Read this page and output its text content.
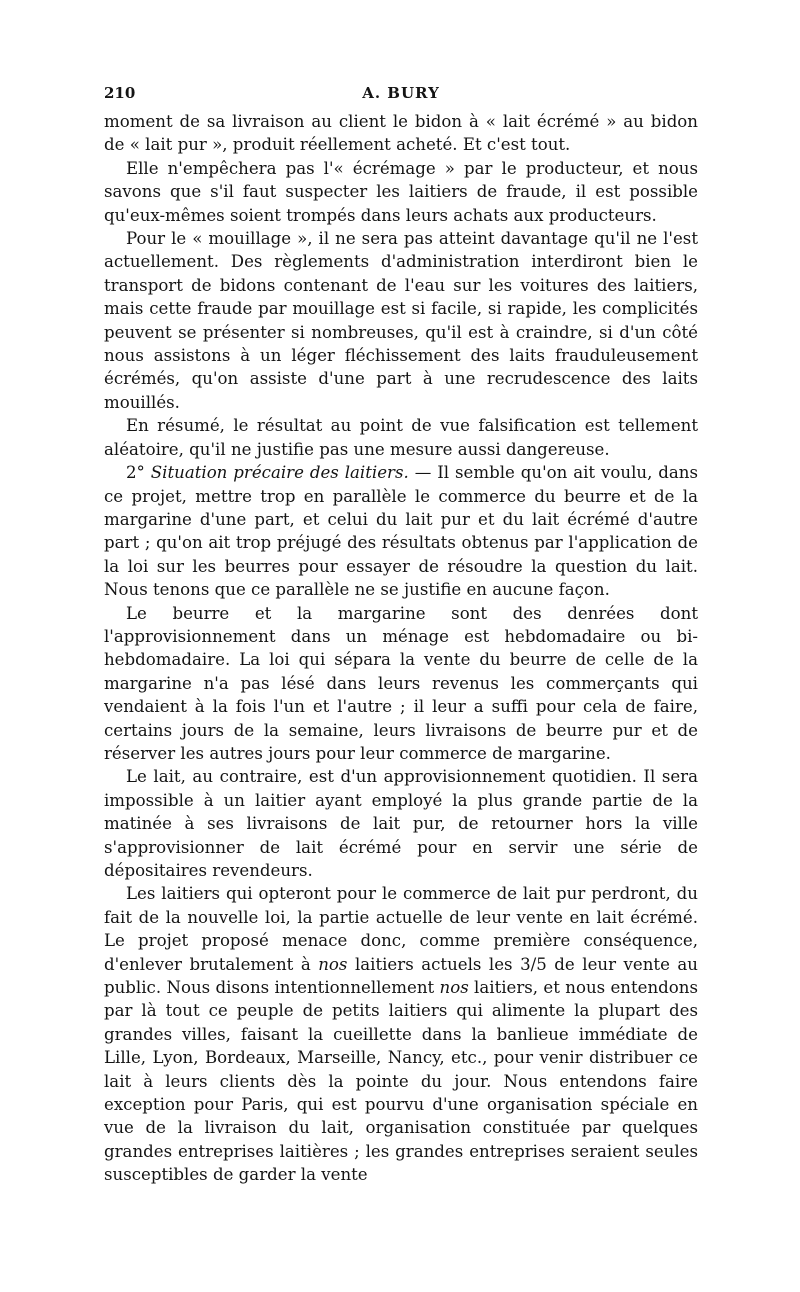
210	A. BURY

moment de sa livraison au client le bidon à « lait écrémé » au bidon de « lait pur », produit réellement acheté. Et c'est tout.

Elle n'empêchera pas l'« écrémage » par le producteur, et nous savons que s'il faut suspecter les laitiers de fraude, il est possible qu'eux-mêmes soient trompés dans leurs achats aux producteurs.

Pour le « mouillage », il ne sera pas atteint davantage qu'il ne l'est actuellement. Des règlements d'administration interdiront bien le transport de bidons contenant de l'eau sur les voitures des laitiers, mais cette fraude par mouillage est si facile, si rapide, les complicités peuvent se présenter si nombreuses, qu'il est à craindre, si d'un côté nous assistons à un léger fléchissement des laits frauduleusement écrémés, qu'on assiste d'une part à une recrudescence des laits mouillés.

En résumé, le résultat au point de vue falsification est tellement aléatoire, qu'il ne justifie pas une mesure aussi dangereuse.

2° Situation précaire des laitiers. — Il semble qu'on ait voulu, dans ce projet, mettre trop en parallèle le commerce du beurre et de la margarine d'une part, et celui du lait pur et du lait écrémé d'autre part ; qu'on ait trop préjugé des résultats obtenus par l'application de la loi sur les beurres pour essayer de résoudre la question du lait. Nous tenons que ce parallèle ne se justifie en aucune façon.

Le beurre et la margarine sont des denrées dont l'approvisionnement dans un ménage est hebdomadaire ou bi-hebdomadaire. La loi qui sépara la vente du beurre de celle de la margarine n'a pas lésé dans leurs revenus les commerçants qui vendaient à la fois l'un et l'autre ; il leur a suffi pour cela de faire, certains jours de la semaine, leurs livraisons de beurre pur et de réserver les autres jours pour leur commerce de margarine.

Le lait, au contraire, est d'un approvisionnement quotidien. Il sera impossible à un laitier ayant employé la plus grande partie de la matinée à ses livraisons de lait pur, de retourner hors la ville s'approvisionner de lait écrémé pour en servir une série de dépositaires revendeurs.

Les laitiers qui opteront pour le commerce de lait pur perdront, du fait de la nouvelle loi, la partie actuelle de leur vente en lait écrémé. Le projet proposé menace donc, comme première conséquence, d'enlever brutalement à nos laitiers actuels les 3/5 de leur vente au public. Nous disons intentionnellement nos laitiers, et nous entendons par là tout ce peuple de petits laitiers qui alimente la plupart des grandes villes, faisant la cueillette dans la banlieue immédiate de Lille, Lyon, Bordeaux, Marseille, Nancy, etc., pour venir distribuer ce lait à leurs clients dès la pointe du jour. Nous entendons faire exception pour Paris, qui est pourvu d'une organisation spéciale en vue de la livraison du lait, organisation constituée par quelques grandes entreprises laitières ; les grandes entreprises seraient seules susceptibles de garder la vente
